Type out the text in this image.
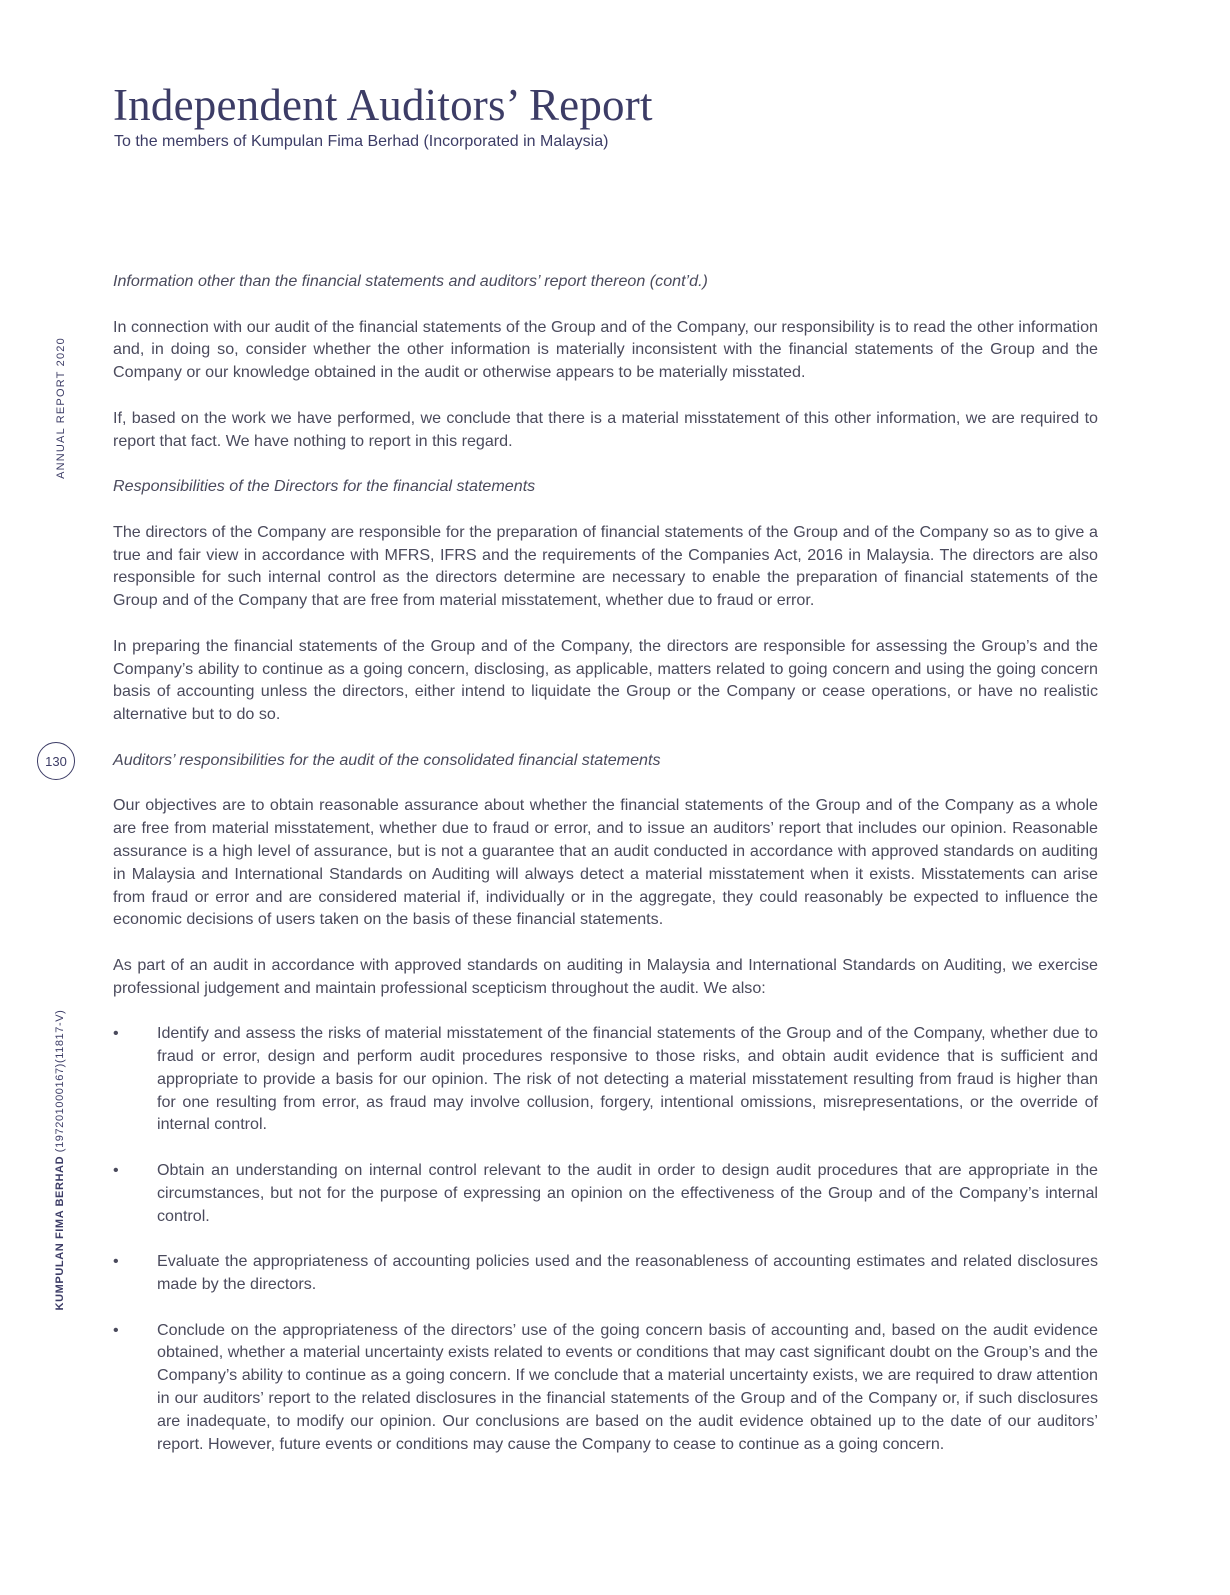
Independent Auditors’ Report

To the members of Kumpulan Fima Berhad (Incorporated in Malaysia)

ANNUAL REPORT 2020
KUMPULAN FIMA BERHAD (197201000167)(11817-V)
130

Information other than the financial statements and auditors’ report thereon (cont’d.)

In connection with our audit of the financial statements of the Group and of the Company, our responsibility is to read the other information and, in doing so, consider whether the other information is materially inconsistent with the financial statements of the Group and the Company or our knowledge obtained in the audit or otherwise appears to be materially misstated.

If, based on the work we have performed, we conclude that there is a material misstatement of this other information, we are required to report that fact. We have nothing to report in this regard.

Responsibilities of the Directors for the financial statements

The directors of the Company are responsible for the preparation of financial statements of the Group and of the Company so as to give a true and fair view in accordance with MFRS, IFRS and the requirements of the Companies Act, 2016 in Malaysia. The directors are also responsible for such internal control as the directors determine are necessary to enable the preparation of financial statements of the Group and of the Company that are free from material misstatement, whether due to fraud or error.

In preparing the financial statements of the Group and of the Company, the directors are responsible for assessing the Group’s and the Company’s ability to continue as a going concern, disclosing, as applicable, matters related to going concern and using the going concern basis of accounting unless the directors, either intend to liquidate the Group or the Company or cease operations, or have no realistic alternative but to do so.

Auditors’ responsibilities for the audit of the consolidated financial statements

Our objectives are to obtain reasonable assurance about whether the financial statements of the Group and of the Company as a whole are free from material misstatement, whether due to fraud or error, and to issue an auditors’ report that includes our opinion. Reasonable assurance is a high level of assurance, but is not a guarantee that an audit conducted in accordance with approved standards on auditing in Malaysia and International Standards on Auditing will always detect a material misstatement when it exists. Misstatements can arise from fraud or error and are considered material if, individually or in the aggregate, they could reasonably be expected to influence the economic decisions of users taken on the basis of these financial statements.

As part of an audit in accordance with approved standards on auditing in Malaysia and International Standards on Auditing, we exercise professional judgement and maintain professional scepticism throughout the audit. We also:

• Identify and assess the risks of material misstatement of the financial statements of the Group and of the Company, whether due to fraud or error, design and perform audit procedures responsive to those risks, and obtain audit evidence that is sufficient and appropriate to provide a basis for our opinion. The risk of not detecting a material misstatement resulting from fraud is higher than for one resulting from error, as fraud may involve collusion, forgery, intentional omissions, misrepresentations, or the override of internal control.
• Obtain an understanding on internal control relevant to the audit in order to design audit procedures that are appropriate in the circumstances, but not for the purpose of expressing an opinion on the effectiveness of the Group and of the Company’s internal control.
• Evaluate the appropriateness of accounting policies used and the reasonableness of accounting estimates and related disclosures made by the directors.
• Conclude on the appropriateness of the directors’ use of the going concern basis of accounting and, based on the audit evidence obtained, whether a material uncertainty exists related to events or conditions that may cast significant doubt on the Group’s and the Company’s ability to continue as a going concern. If we conclude that a material uncertainty exists, we are required to draw attention in our auditors’ report to the related disclosures in the financial statements of the Group and of the Company or, if such disclosures are inadequate, to modify our opinion. Our conclusions are based on the audit evidence obtained up to the date of our auditors’ report. However, future events or conditions may cause the Company to cease to continue as a going concern.
